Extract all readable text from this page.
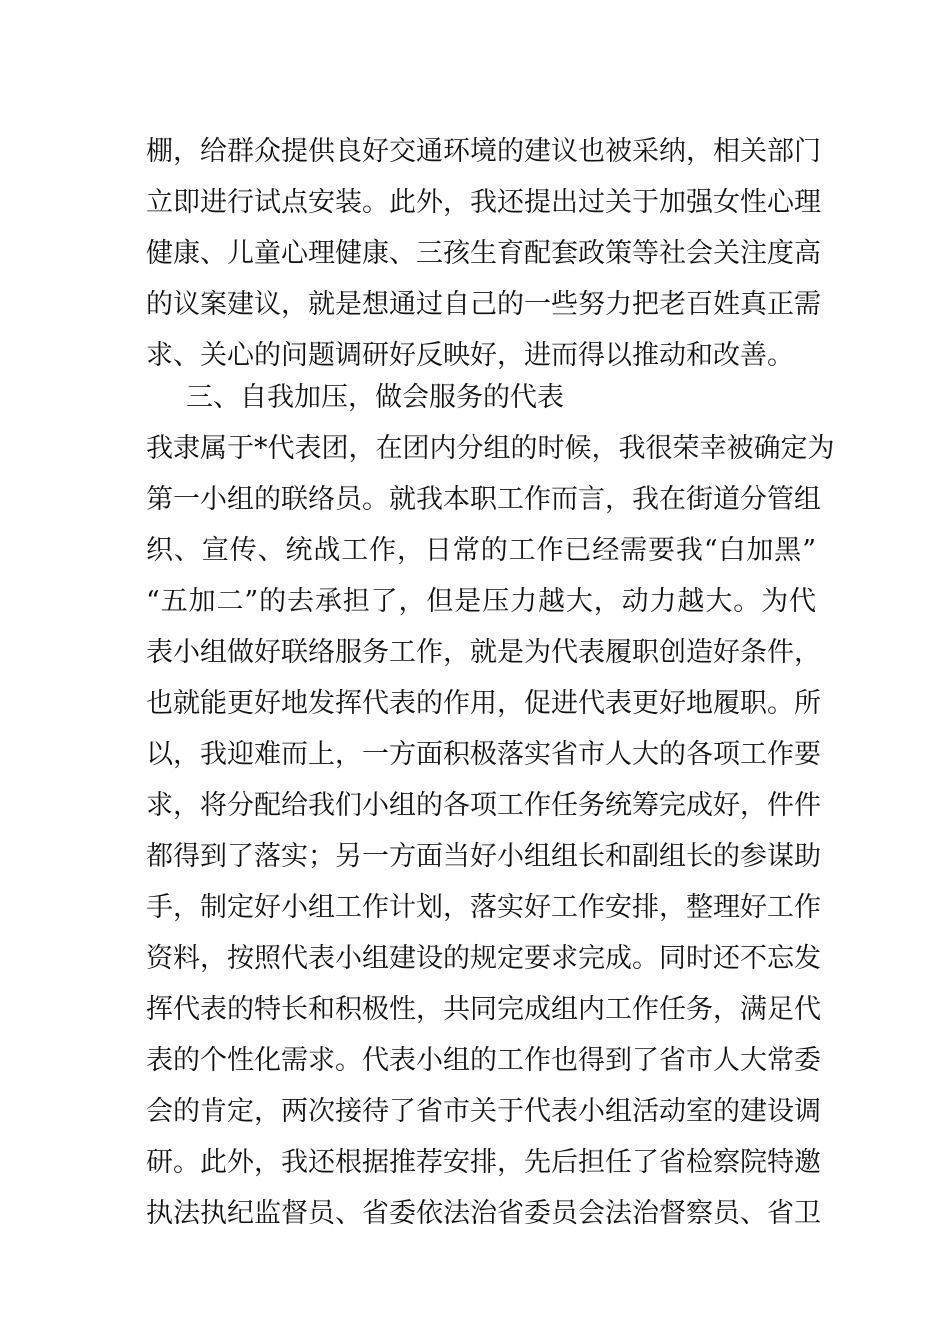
棚，给群众提供良好交通环境的建议也被采纳，相关部门
立即进行试点安装。此外，我还提出过关于加强女性心理
健康、儿童心理健康、三孩生育配套政策等社会关注度高
的议案建议，就是想通过自己的一些努力把老百姓真正需
求、关心的问题调研好反映好，进而得以推动和改善。
三、自我加压，做会服务的代表
我隶属于*代表团，在团内分组的时候，我很荣幸被确定为
第一小组的联络员。就我本职工作而言，我在街道分管组
织、宣传、统战工作，日常的工作已经需要我“白加黑”
“五加二”的去承担了，但是压力越大，动力越大。为代
表小组做好联络服务工作，就是为代表履职创造好条件，
也就能更好地发挥代表的作用，促进代表更好地履职。所
以，我迎难而上，一方面积极落实省市人大的各项工作要
求，将分配给我们小组的各项工作任务统筹完成好，件件
都得到了落实；另一方面当好小组组长和副组长的参谋助
手，制定好小组工作计划，落实好工作安排，整理好工作
资料，按照代表小组建设的规定要求完成。同时还不忘发
挥代表的特长和积极性，共同完成组内工作任务，满足代
表的个性化需求。代表小组的工作也得到了省市人大常委
会的肯定，两次接待了省市关于代表小组活动室的建设调
研。此外，我还根据推荐安排，先后担任了省检察院特邀
执法执纪监督员、省委依法治省委员会法治督察员、省卫
